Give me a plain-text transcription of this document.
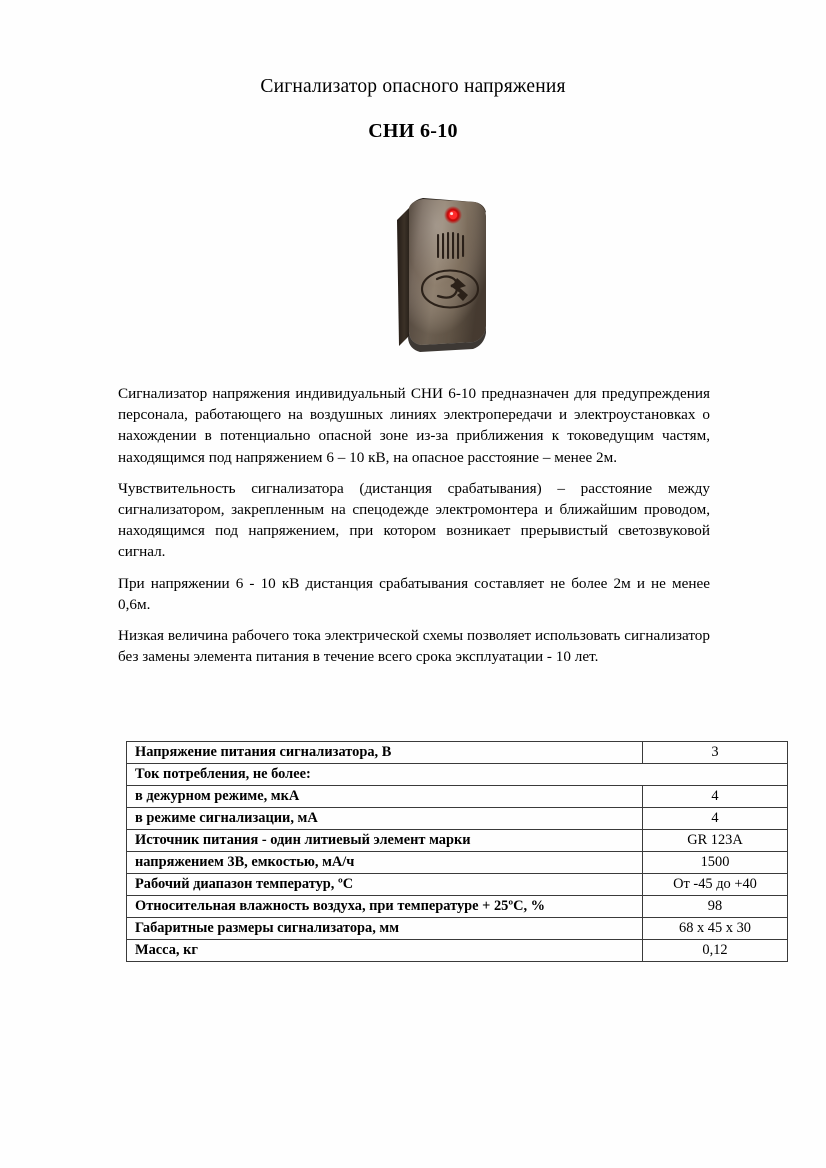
Сигнализатор опасного напряжения
СНИ 6-10

Сигнализатор напряжения индивидуальный СНИ 6-10 предназначен для предупреждения персонала, работающего на воздушных линиях электропередачи и электроустановках о нахождении в потенциально опасной зоне из-за приближения к токоведущим частям, находящимся под напряжением 6 – 10 кВ, на опасное расстояние – менее 2м.

Чувствительность сигнализатора (дистанция срабатывания) – расстояние между сигнализатором, закрепленным на спецодежде электромонтера и ближайшим проводом, находящимся под напряжением, при котором возникает прерывистый светозвуковой сигнал.

При напряжении 6 - 10 кВ дистанция срабатывания составляет не более 2м и не менее 0,6м.

Низкая величина рабочего тока электрической схемы позволяет использовать сигнализатор без замены элемента питания в течение всего срока эксплуатации - 10 лет.

Напряжение питания сигнализатора, В	3
Ток потребления, не более:	
в дежурном режиме, мкА	4
в режиме сигнализации, мА	4
Источник питания - один литиевый элемент марки	GR 123A
напряжением 3В, емкостью, мА/ч	1500
Рабочий диапазон температур, ºС	От -45 до +40
Относительная влажность воздуха, при температуре + 25ºС, %	98
Габаритные размеры сигнализатора, мм	68 x 45 x 30
Масса, кг	0,12
